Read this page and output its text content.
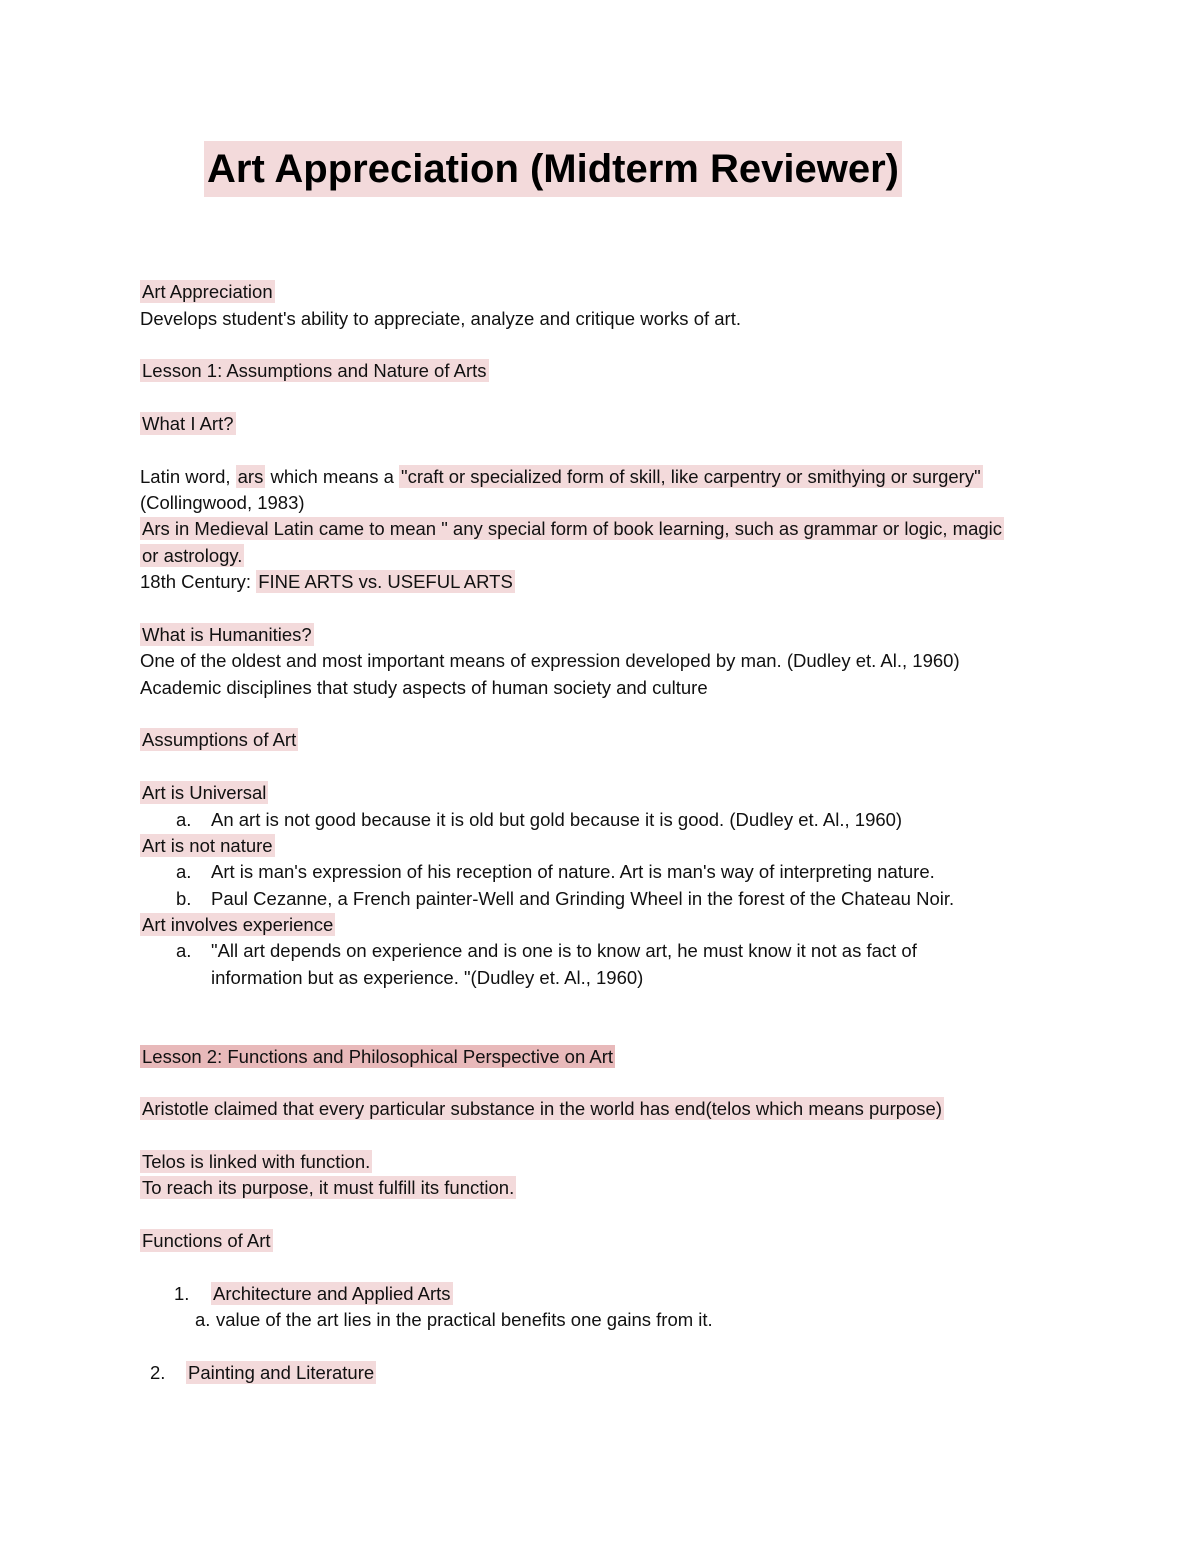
Art Appreciation (Midterm Reviewer)
Art Appreciation
Develops student's ability to appreciate, analyze and critique works of art.
Lesson 1: Assumptions and Nature of Arts
What I Art?
Latin word, ars which means a "craft or specialized form of skill, like carpentry or smithying or surgery"
(Collingwood, 1983)
Ars in Medieval Latin came to mean " any special form of book learning, such as grammar or logic, magic
or astrology.
18th Century: FINE ARTS vs. USEFUL ARTS
What is Humanities?
One of the oldest and most important means of expression developed by man. (Dudley et. Al., 1960)
Academic disciplines that study aspects of human society and culture
Assumptions of Art
Art is Universal
a. An art is not good because it is old but gold because it is good. (Dudley et. Al., 1960)
Art is not nature
a. Art is man's expression of his reception of nature. Art is man's way of interpreting nature.
b. Paul Cezanne, a French painter-Well and Grinding Wheel in the forest of the Chateau Noir.
Art involves experience
a. "All art depends on experience and is one is to know art, he must know it not as fact of
information but as experience. "(Dudley et. Al., 1960)
Lesson 2: Functions and Philosophical Perspective on Art
Aristotle claimed that every particular substance in the world has end(telos which means purpose)
Telos is linked with function.
To reach its purpose, it must fulfill its function.
Functions of Art
1. Architecture and Applied Arts
a. value of the art lies in the practical benefits one gains from it.
2. Painting and Literature
